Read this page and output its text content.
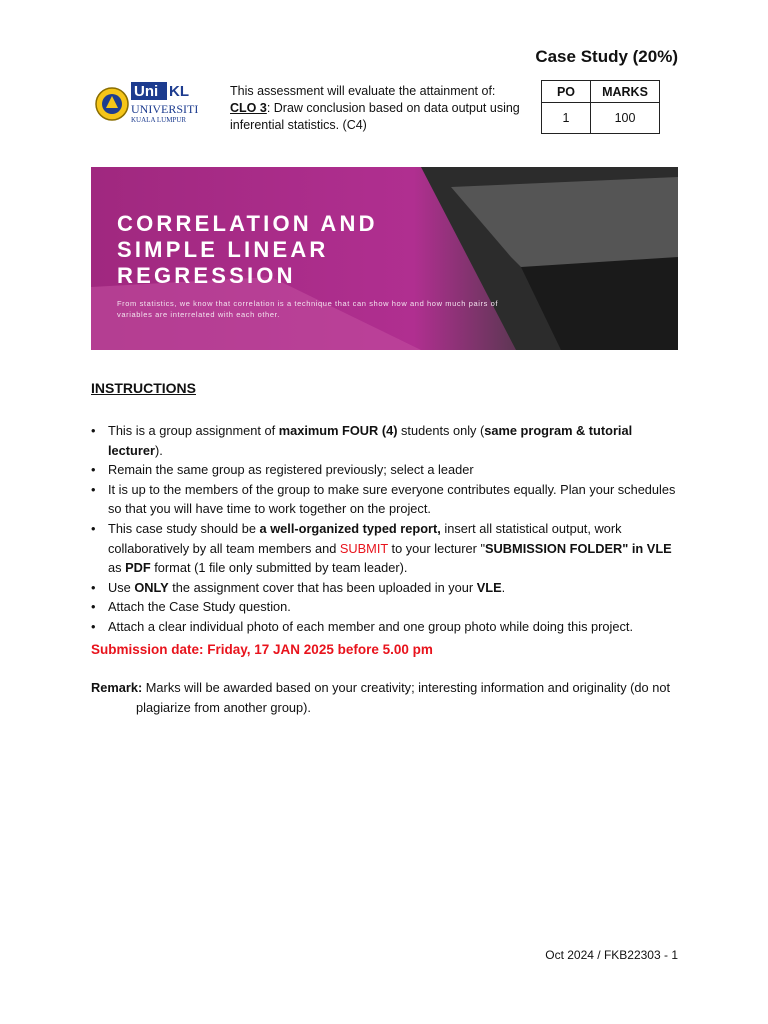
Case Study (20%)
Uni KL
UNIVERSITI
KUALA LUMPUR
This assessment will evaluate the attainment of:
CLO 3: Draw conclusion based on data output using inferential statistics. (C4)
PO	MARKS
1	100
CORRELATION AND
SIMPLE LINEAR
REGRESSION
From statistics, we know that correlation is a technique that can show how and how much pairs of variables are interrelated with each other.
INSTRUCTIONS
• This is a group assignment of maximum FOUR (4) students only (same program & tutorial lecturer).
• Remain the same group as registered previously; select a leader
• It is up to the members of the group to make sure everyone contributes equally. Plan your schedules so that you will have time to work together on the project.
• This case study should be a well-organized typed report, insert all statistical output, work collaboratively by all team members and SUBMIT to your lecturer "SUBMISSION FOLDER" in VLE as PDF format (1 file only submitted by team leader).
• Use ONLY the assignment cover that has been uploaded in your VLE.
• Attach the Case Study question.
• Attach a clear individual photo of each member and one group photo while doing this project.
Submission date: Friday, 17 JAN 2025 before 5.00 pm
Remark: Marks will be awarded based on your creativity; interesting information and originality (do not
plagiarize from another group).
Oct 2024 / FKB22303 - 1
